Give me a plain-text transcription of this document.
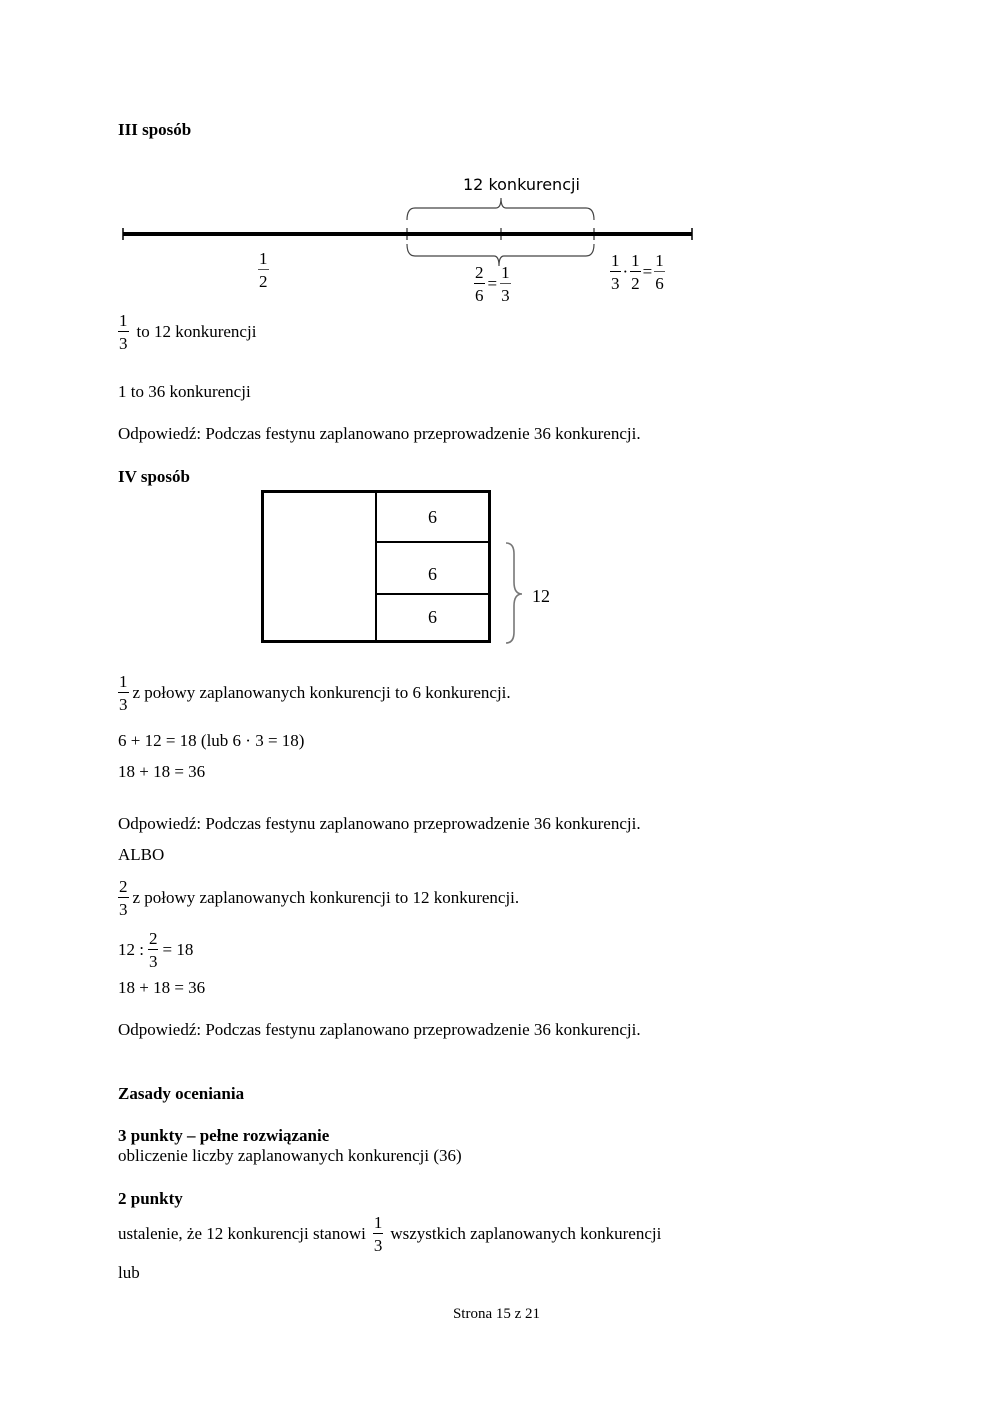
III sposób
12 konkurencji
$\frac{1}{2}$	$\frac{2}{6} = \frac{1}{3}$	$\frac{1}{3} \cdot \frac{1}{2} = \frac{1}{6}$
$\frac{1}{3}$ to 12 konkurencji
1 to 36 konkurencji
Odpowiedź: Podczas festynu zaplanowano przeprowadzenie 36 konkurencji.
IV sposób
6
6
6
12
$\frac{1}{3}$ z połowy zaplanowanych konkurencji to 6 konkurencji.
6 + 12 = 18 (lub 6 · 3 = 18)
18 + 18 = 36
Odpowiedź: Podczas festynu zaplanowano przeprowadzenie 36 konkurencji.
ALBO
$\frac{2}{3}$ z połowy zaplanowanych konkurencji to 12 konkurencji.
12 : $\frac{2}{3} = 18$
18 + 18 = 36
Odpowiedź: Podczas festynu zaplanowano przeprowadzenie 36 konkurencji.
Zasady oceniania
3 punkty – pełne rozwiązanie
obliczenie liczby zaplanowanych konkurencji (36)
2 punkty
ustalenie, że 12 konkurencji stanowi $\frac{1}{3}$ wszystkich zaplanowanych konkurencji
lub
Strona 15 z 21
